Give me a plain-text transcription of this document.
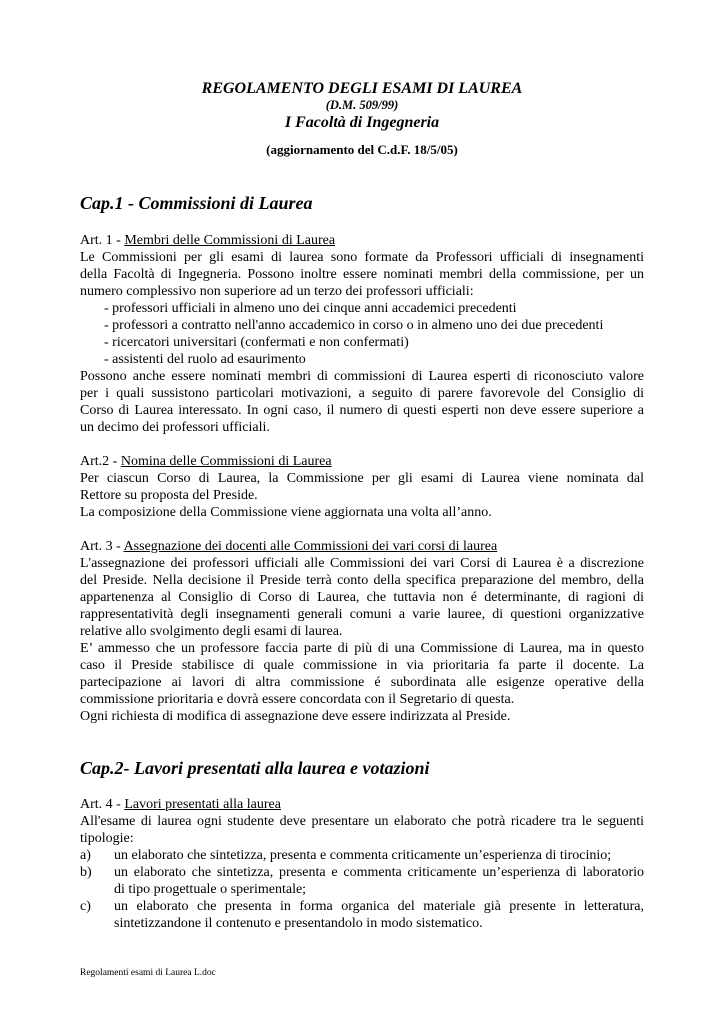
REGOLAMENTO DEGLI ESAMI DI LAUREA
(D.M. 509/99)
I Facoltà di Ingegneria
(aggiornamento del C.d.F. 18/5/05)
Cap.1 - Commissioni di Laurea
Art. 1 - Membri delle Commissioni di Laurea
Le Commissioni per gli esami di laurea sono formate da Professori ufficiali di insegnamenti
della Facoltà di Ingegneria. Possono inoltre essere nominati membri della commissione, per un
numero complessivo non superiore ad un terzo dei professori ufficiali:
- professori ufficiali in almeno uno dei cinque anni accademici precedenti
- professori a contratto nell'anno accademico in corso o in almeno uno dei due precedenti
- ricercatori universitari (confermati e non confermati)
- assistenti del ruolo ad esaurimento
Possono anche essere nominati membri di commissioni di Laurea esperti di riconosciuto valore
per i quali sussistono particolari motivazioni, a seguito di parere favorevole del Consiglio di
Corso di Laurea interessato. In ogni caso, il numero di questi esperti non deve essere superiore a
un decimo dei professori ufficiali.
Art.2 - Nomina delle Commissioni di Laurea
Per ciascun Corso di Laurea, la Commissione per gli esami di Laurea viene nominata dal
Rettore su proposta del Preside.
La composizione della Commissione viene aggiornata una volta all’anno.
Art. 3 - Assegnazione dei docenti alle Commissioni dei vari corsi di laurea
L'assegnazione dei professori ufficiali alle Commissioni dei vari Corsi di Laurea è a discrezione
del Preside. Nella decisione il Preside terrà conto della specifica preparazione del membro, della
appartenenza al Consiglio di Corso di Laurea, che tuttavia non é determinante, di ragioni di
rappresentatività degli insegnamenti generali comuni a varie lauree, di questioni organizzative
relative allo svolgimento degli esami di laurea.
E’ ammesso che un professore faccia parte di più di una Commissione di Laurea, ma in questo
caso il Preside stabilisce di quale commissione in via prioritaria fa parte il docente. La
partecipazione ai lavori di altra commissione é subordinata alle esigenze operative della
commissione prioritaria e dovrà essere concordata con il Segretario di questa.
Ogni richiesta di modifica di assegnazione deve essere indirizzata al Preside.
Cap.2- Lavori presentati alla laurea e votazioni
Art. 4 - Lavori presentati alla laurea
All'esame di laurea ogni studente deve presentare un elaborato che potrà ricadere tra le seguenti
tipologie:
a) un elaborato che sintetizza, presenta e commenta criticamente un’esperienza di tirocinio;
b) un elaborato che sintetizza, presenta e commenta criticamente un’esperienza di laboratorio
di tipo progettuale o sperimentale;
c) un elaborato che presenta in forma organica del materiale già presente in letteratura,
sintetizzandone il contenuto e presentandolo in modo sistematico.
Regolamenti esami di Laurea L.doc
